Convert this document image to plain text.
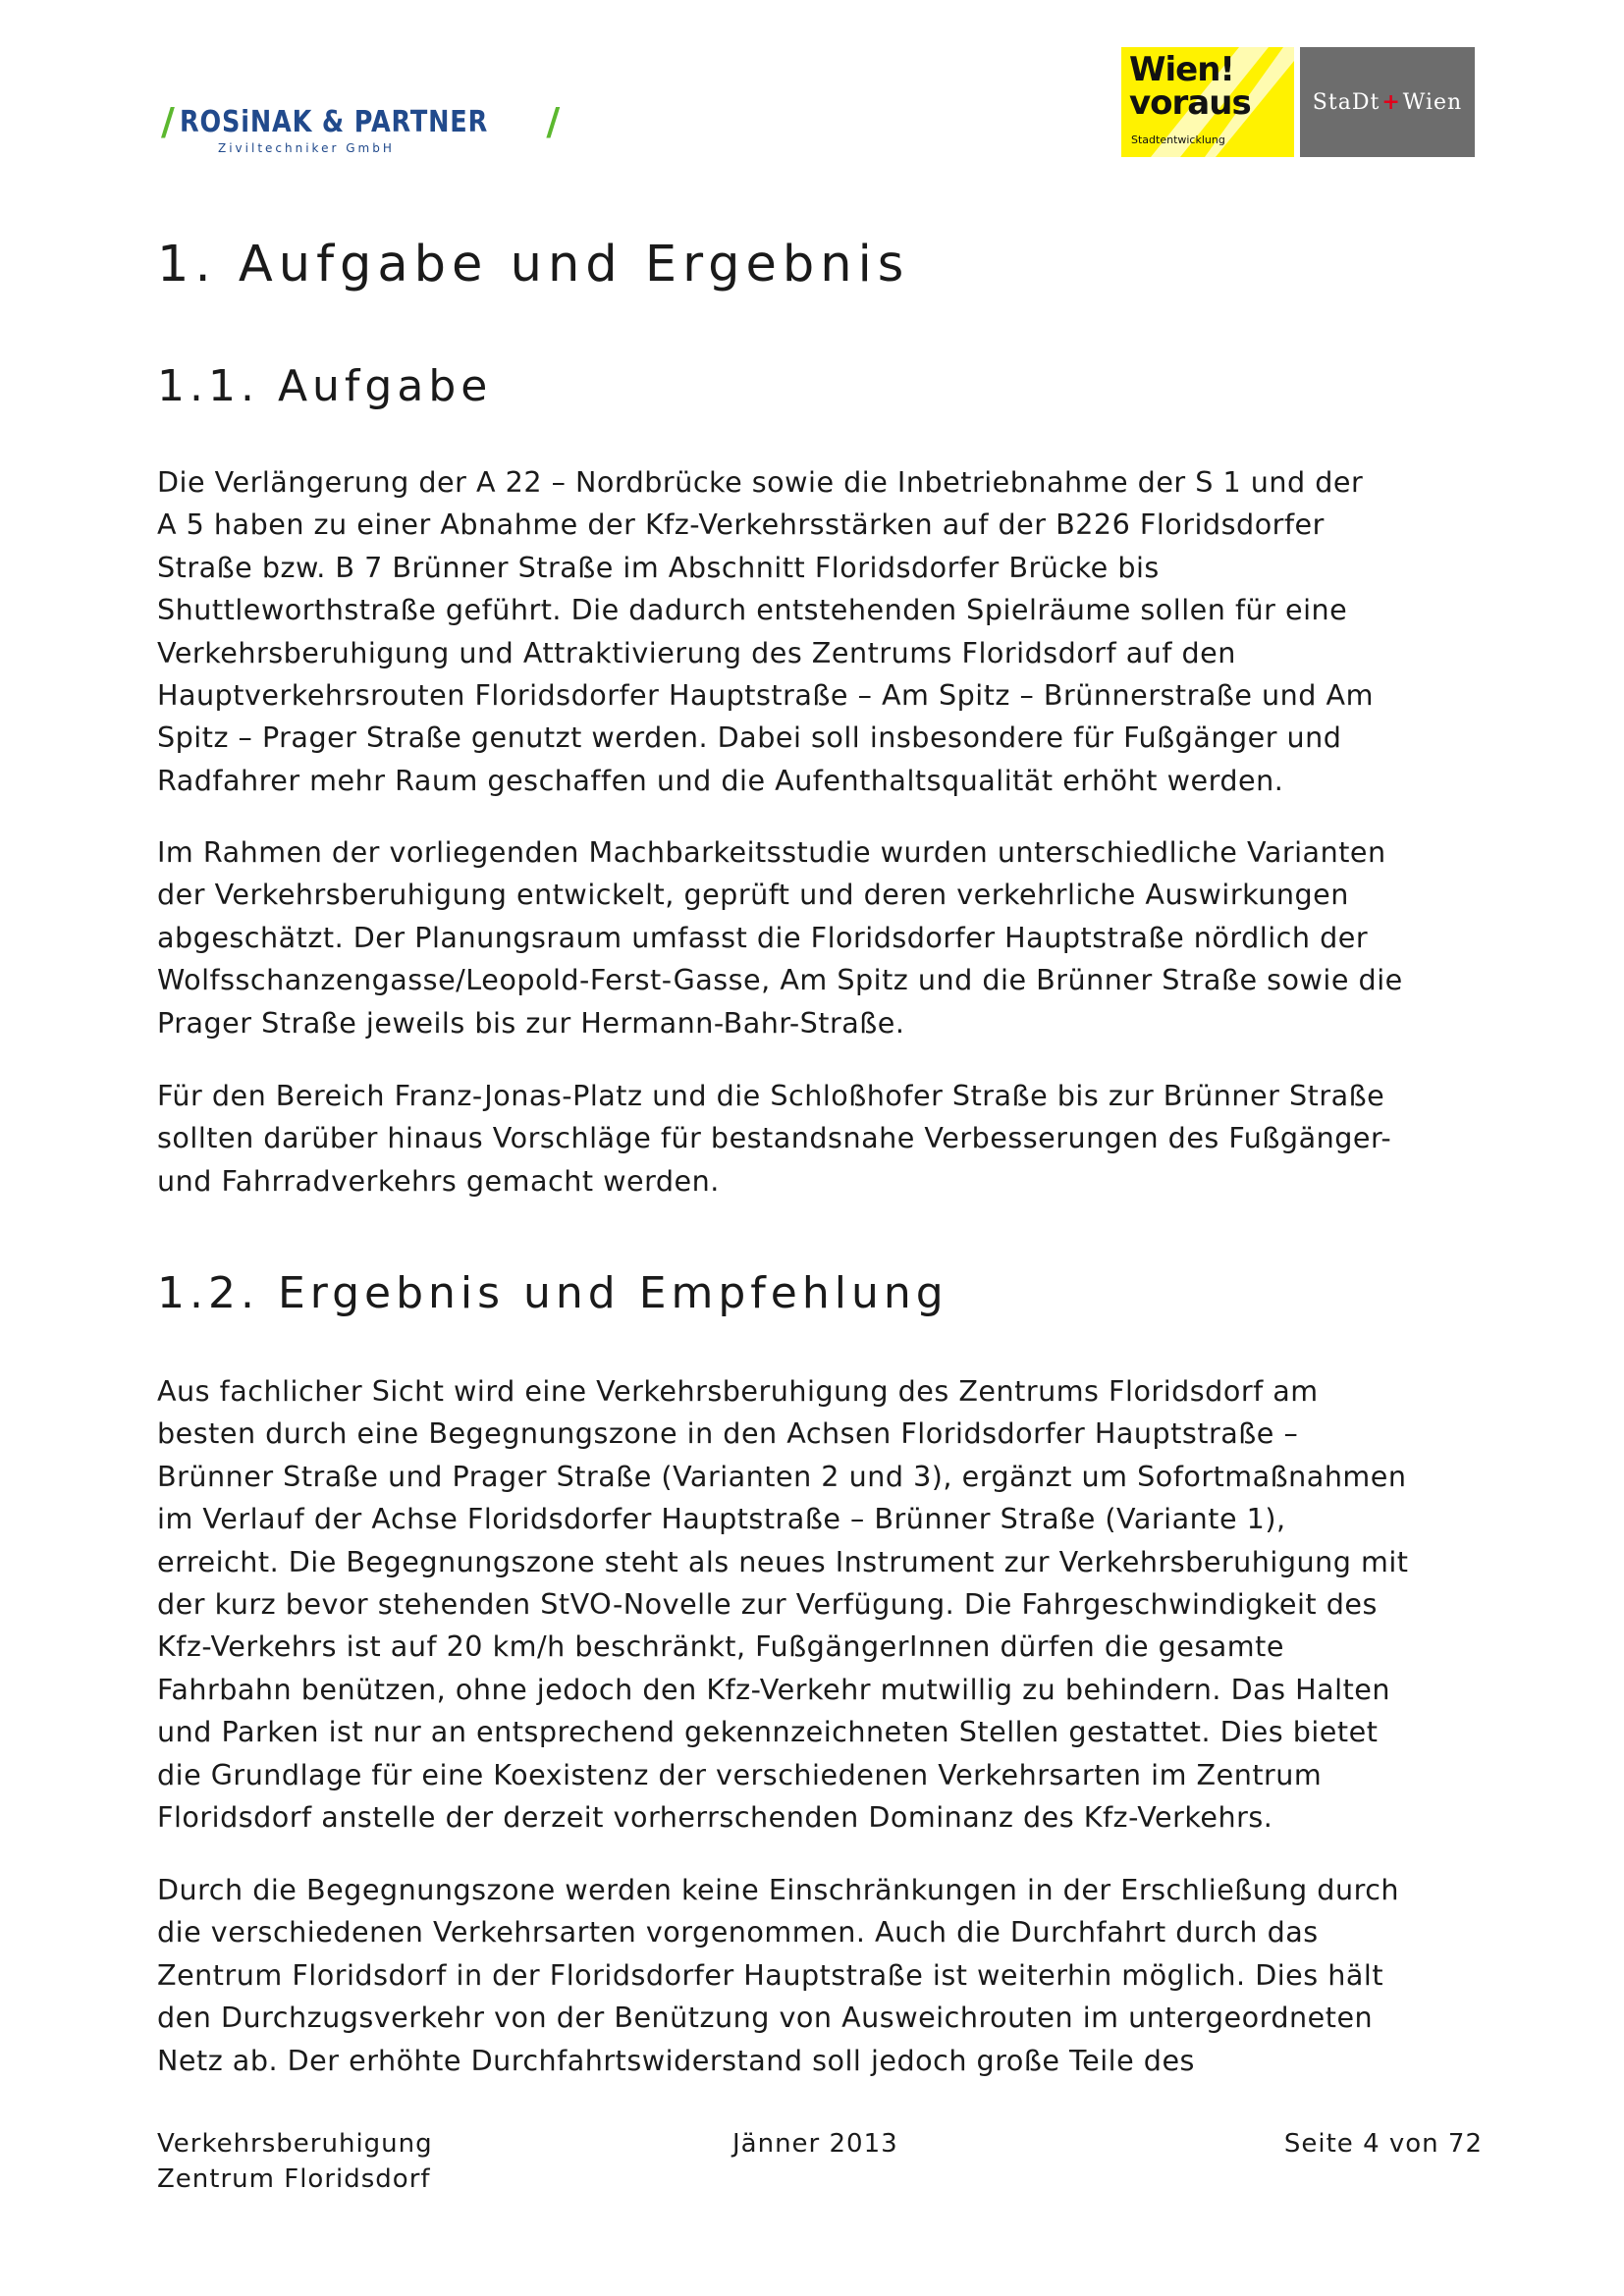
/ ROSiNAK & PARTNER /
Ziviltechniker GmbH
Wien!
voraus
Stadtentwicklung
StaDt + Wien
1. Aufgabe und Ergebnis
1.1. Aufgabe
Die Verlängerung der A 22 – Nordbrücke sowie die Inbetriebnahme der S 1 und der
A 5 haben zu einer Abnahme der Kfz-Verkehrsstärken auf der B226 Floridsdorfer
Straße bzw. B 7 Brünner Straße im Abschnitt Floridsdorfer Brücke bis
Shuttleworthstraße geführt. Die dadurch entstehenden Spielräume sollen für eine
Verkehrsberuhigung und Attraktivierung des Zentrums Floridsdorf auf den
Hauptverkehrsrouten Floridsdorfer Hauptstraße – Am Spitz – Brünnerstraße und Am
Spitz – Prager Straße genutzt werden. Dabei soll insbesondere für Fußgänger und
Radfahrer mehr Raum geschaffen und die Aufenthaltsqualität erhöht werden.
Im Rahmen der vorliegenden Machbarkeitsstudie wurden unterschiedliche Varianten
der Verkehrsberuhigung entwickelt, geprüft und deren verkehrliche Auswirkungen
abgeschätzt. Der Planungsraum umfasst die Floridsdorfer Hauptstraße nördlich der
Wolfsschanzengasse/Leopold-Ferst-Gasse, Am Spitz und die Brünner Straße sowie die
Prager Straße jeweils bis zur Hermann-Bahr-Straße.
Für den Bereich Franz-Jonas-Platz und die Schloßhofer Straße bis zur Brünner Straße
sollten darüber hinaus Vorschläge für bestandsnahe Verbesserungen des Fußgänger-
und Fahrradverkehrs gemacht werden.
1.2. Ergebnis und Empfehlung
Aus fachlicher Sicht wird eine Verkehrsberuhigung des Zentrums Floridsdorf am
besten durch eine Begegnungszone in den Achsen Floridsdorfer Hauptstraße –
Brünner Straße und Prager Straße (Varianten 2 und 3), ergänzt um Sofortmaßnahmen
im Verlauf der Achse Floridsdorfer Hauptstraße – Brünner Straße (Variante 1),
erreicht. Die Begegnungszone steht als neues Instrument zur Verkehrsberuhigung mit
der kurz bevor stehenden StVO-Novelle zur Verfügung. Die Fahrgeschwindigkeit des
Kfz-Verkehrs ist auf 20 km/h beschränkt, FußgängerInnen dürfen die gesamte
Fahrbahn benützen, ohne jedoch den Kfz-Verkehr mutwillig zu behindern. Das Halten
und Parken ist nur an entsprechend gekennzeichneten Stellen gestattet. Dies bietet
die Grundlage für eine Koexistenz der verschiedenen Verkehrsarten im Zentrum
Floridsdorf anstelle der derzeit vorherrschenden Dominanz des Kfz-Verkehrs.
Durch die Begegnungszone werden keine Einschränkungen in der Erschließung durch
die verschiedenen Verkehrsarten vorgenommen. Auch die Durchfahrt durch das
Zentrum Floridsdorf in der Floridsdorfer Hauptstraße ist weiterhin möglich. Dies hält
den Durchzugsverkehr von der Benützung von Ausweichrouten im untergeordneten
Netz ab. Der erhöhte Durchfahrtswiderstand soll jedoch große Teile des
Verkehrsberuhigung
Zentrum Floridsdorf
Jänner 2013	Seite 4 von 72
